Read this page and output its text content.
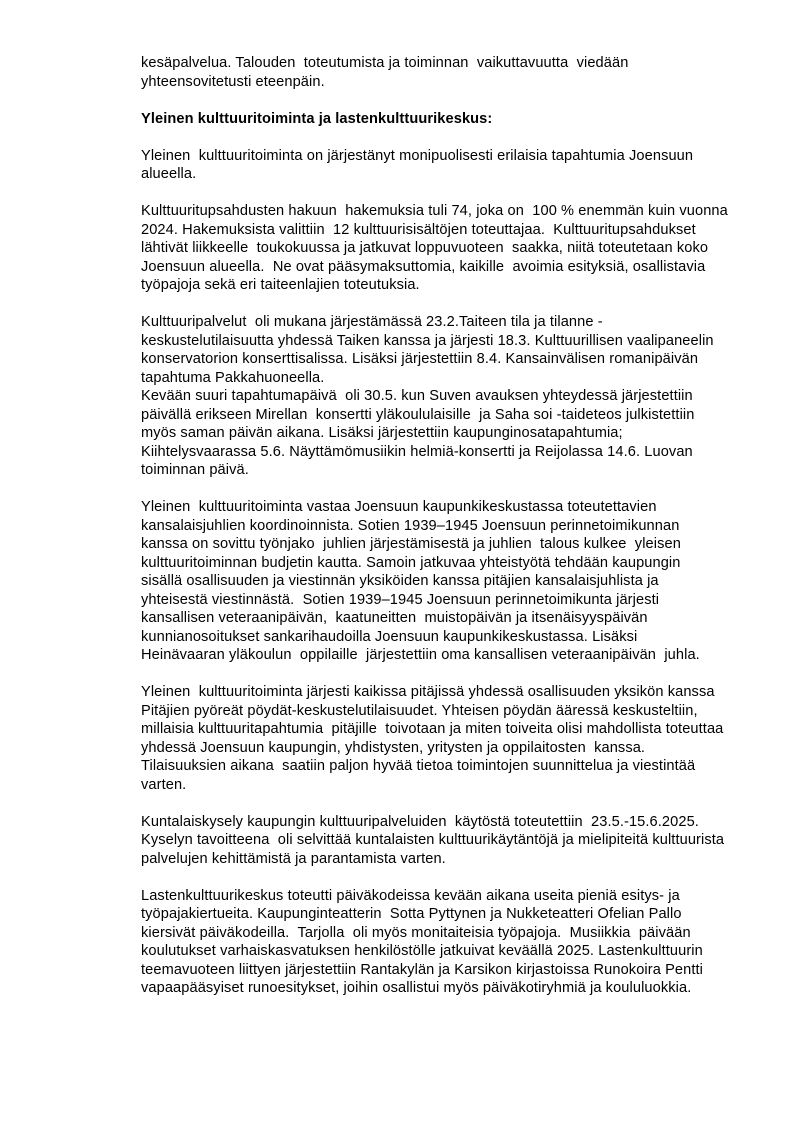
kesäpalvelua. Talouden  toteutumista ja toiminnan  vaikuttavuutta  viedään
yhteensovitetusti eteenpäin.
Yleinen kulttuuritoiminta ja lastenkulttuurikeskus:
Yleinen  kulttuuritoiminta on järjestänyt monipuolisesti erilaisia tapahtumia Joensuun
alueella.
Kulttuuritupsahdusten hakuun  hakemuksia tuli 74, joka on  100 % enemmän kuin vuonna
2024. Hakemuksista valittiin  12 kulttuurisisältöjen toteuttajaa.  Kulttuuritupsahdukset
lähtivät liikkeelle  toukokuussa ja jatkuvat loppuvuoteen  saakka, niitä toteutetaan koko
Joensuun alueella.  Ne ovat pääsymaksuttomia, kaikille  avoimia esityksiä, osallistavia
työpajoja sekä eri taiteenlajien toteutuksia.
Kulttuuripalvelut  oli mukana järjestämässä 23.2.Taiteen tila ja tilanne -
keskustelutilaisuutta yhdessä Taiken kanssa ja järjesti 18.3. Kulttuurillisen vaalipaneelin
konservatorion konserttisalissa. Lisäksi järjestettiin 8.4. Kansainvälisen romanipäivän
tapahtuma Pakkahuoneella.
Kevään suuri tapahtumapäivä  oli 30.5. kun Suven avauksen yhteydessä järjestettiin
päivällä erikseen Mirellan  konsertti yläkoululaisille  ja Saha soi -taideteos julkistettiin
myös saman päivän aikana. Lisäksi järjestettiin kaupunginosatapahtumia;
Kiihtelysvaarassa 5.6. Näyttämömusiikin helmiä-konsertti ja Reijolassa 14.6. Luovan
toiminnan päivä.
Yleinen  kulttuuritoiminta vastaa Joensuun kaupunkikeskustassa toteutettavien
kansalaisjuhlien koordinoinnista. Sotien 1939–1945 Joensuun perinnetoimikunnan
kanssa on sovittu työnjako  juhlien järjestämisestä ja juhlien  talous kulkee  yleisen
kulttuuritoiminnan budjetin kautta. Samoin jatkuvaa yhteistyötä tehdään kaupungin
sisällä osallisuuden ja viestinnän yksiköiden kanssa pitäjien kansalaisjuhlista ja
yhteisestä viestinnästä.  Sotien 1939–1945 Joensuun perinnetoimikunta järjesti
kansallisen veteraanipäivän,  kaatuneitten  muistopäivän ja itsenäisyyspäivän
kunnianosoitukset sankarihaudoilla Joensuun kaupunkikeskustassa. Lisäksi
Heinävaaran yläkoulun  oppilaille  järjestettiin oma kansallisen veteraanipäivän  juhla.
Yleinen  kulttuuritoiminta järjesti kaikissa pitäjissä yhdessä osallisuuden yksikön kanssa
Pitäjien pyöreät pöydät-keskustelutilaisuudet. Yhteisen pöydän ääressä keskusteltiin,
millaisia kulttuuritapahtumia  pitäjille  toivotaan ja miten toiveita olisi mahdollista toteuttaa
yhdessä Joensuun kaupungin, yhdistysten, yritysten ja oppilaitosten  kanssa.
Tilaisuuksien aikana  saatiin paljon hyvää tietoa toimintojen suunnittelua ja viestintää
varten.
Kuntalaiskysely kaupungin kulttuuripalveluiden  käytöstä toteutettiin  23.5.-15.6.2025.
Kyselyn tavoitteena  oli selvittää kuntalaisten kulttuurikäytäntöjä ja mielipiteitä kulttuurista
palvelujen kehittämistä ja parantamista varten.
Lastenkulttuurikeskus toteutti päiväkodeissa kevään aikana useita pieniä esitys- ja
työpajakiertueita. Kaupunginteatterin  Sotta Pyttynen ja Nukketeatteri Ofelian Pallo
kiersivät päiväkodeilla.  Tarjolla  oli myös monitaiteisia työpajoja.  Musiikkia  päivään
koulutukset varhaiskasvatuksen henkilöstölle jatkuivat keväällä 2025. Lastenkulttuurin
teemavuoteen liittyen järjestettiin Rantakylän ja Karsikon kirjastoissa Runokoira Pentti
vapaapääsyiset runoesitykset, joihin osallistui myös päiväkotiryhmiä ja koululuokkia.
